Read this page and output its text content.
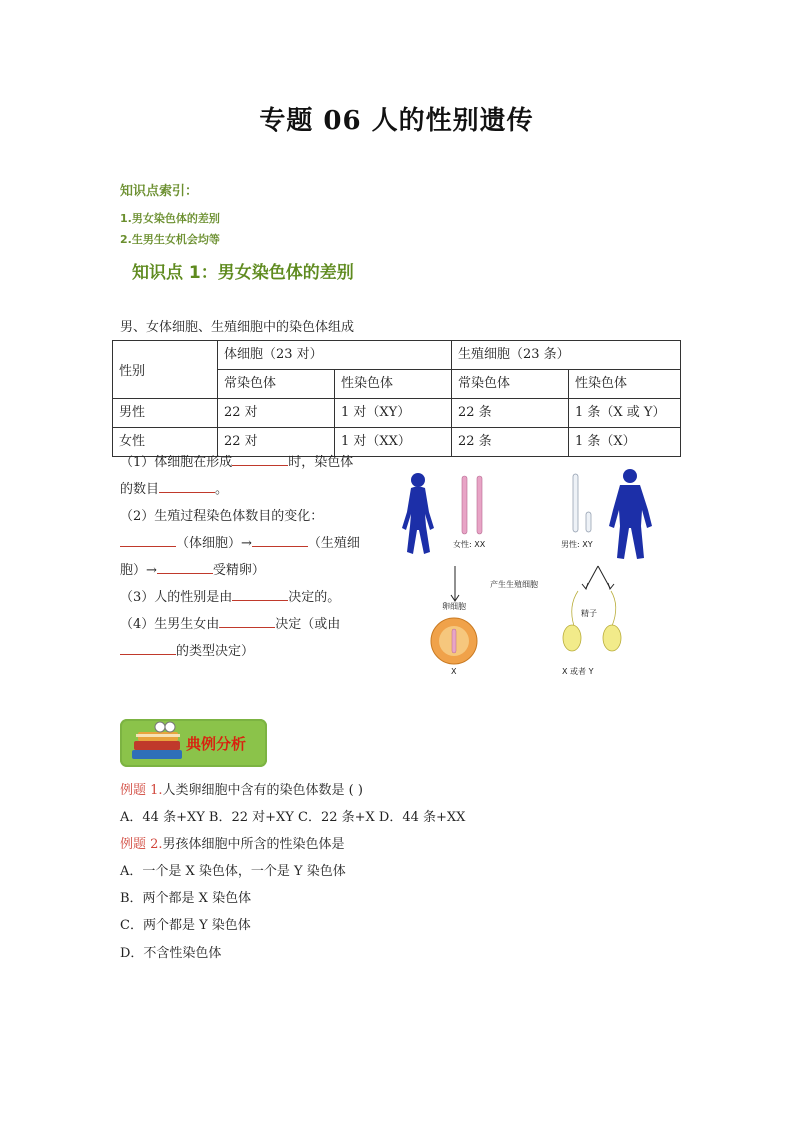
专题 06 人的性别遗传
知识点索引：
1.男女染色体的差别
2.生男生女机会均等
知识点 1：男女染色体的差别
男、女体细胞、生殖细胞中的染色体组成
性别	体细胞（23 对）		生殖细胞（23 条）	
	常染色体	性染色体	常染色体	性染色体
男性	22 对	1 对（XY）	22 条	1 条（X 或 Y）
女性	22 对	1 对（XX）	22 条	1 条（X）
（1）体细胞在形成	时，染色体
的数目	。
（2）生殖过程染色体数目的变化：
（体细胞）→	（生殖细
胞）→	受精卵）
（3）人的性别是由	决定的。
（4）生男生女由	决定（或由
的类型决定）
女性: XX	男性: XY
产生生殖细胞
卵细胞
X
精子
X 或者 Y
典例分析
例题 1.人类卵细胞中含有的染色体数是 ( )
A．44 条+XY B．22 对+XY C．22 条+X D．44 条+XX
例题 2.男孩体细胞中所含的性染色体是
A．一个是 X 染色体，一个是 Y 染色体
B．两个都是 X 染色体
C．两个都是 Y 染色体
D．不含性染色体
